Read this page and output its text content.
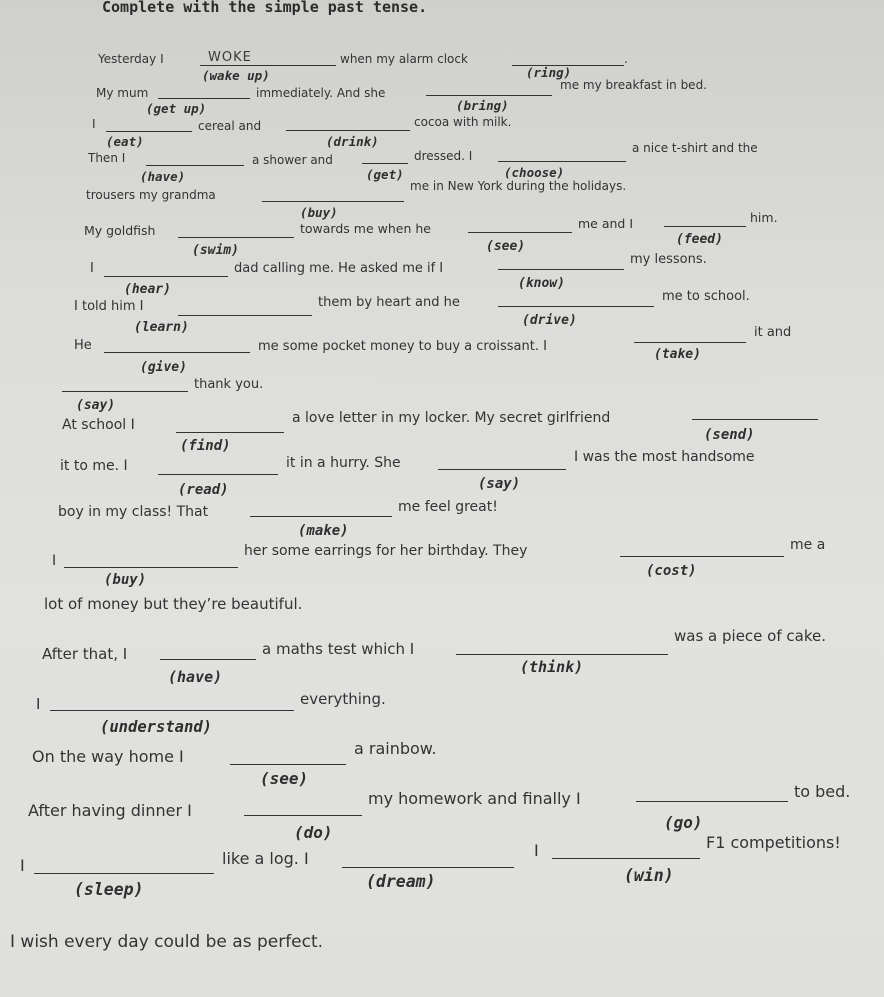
Complete with the simple past tense.
Yesterday I	WOKE	when my alarm clock	.
(wake up)	(ring)
My mum	immediately. And she
me my breakfast in bed.
(get up)	(bring)
I	cereal and	cocoa with milk.
(eat)	(drink)
Then I	a shower and	dressed. I
a nice t-shirt and the
(have)	(get)	(choose)
trousers my grandma
me in New York during the holidays.
(buy)
My goldfish	towards me when he	me and I	him.
(swim)	(see)	(feed)
I	dad calling me. He asked me if I
my lessons.
(hear)	(know)
I told him I	them by heart and he	me to school.
(learn)	(drive)
He	me some pocket money to buy a croissant. I
it and
(give)
(take)
thank you.
(say)
At school I	a love letter in my locker. My secret girlfriend
(find)
(send)
it to me. I	it in a hurry. She	I was the most handsome
(read)	(say)
boy in my class! That	me feel great!
(make)
I
her some earrings for her birthday. They	me a
(buy)
(cost)
lot of money but they’re beautiful.
After that, I	a maths test which I
was a piece of cake.
(have)
(think)
I	everything.
(understand)
On the way home I	a rainbow.
(see)
After having dinner I
my homework and finally I	to bed.
(do)
(go)
I	like a log. I	I	F1 competitions!
(sleep)	(dream)	(win)
I wish every day could be as perfect.
